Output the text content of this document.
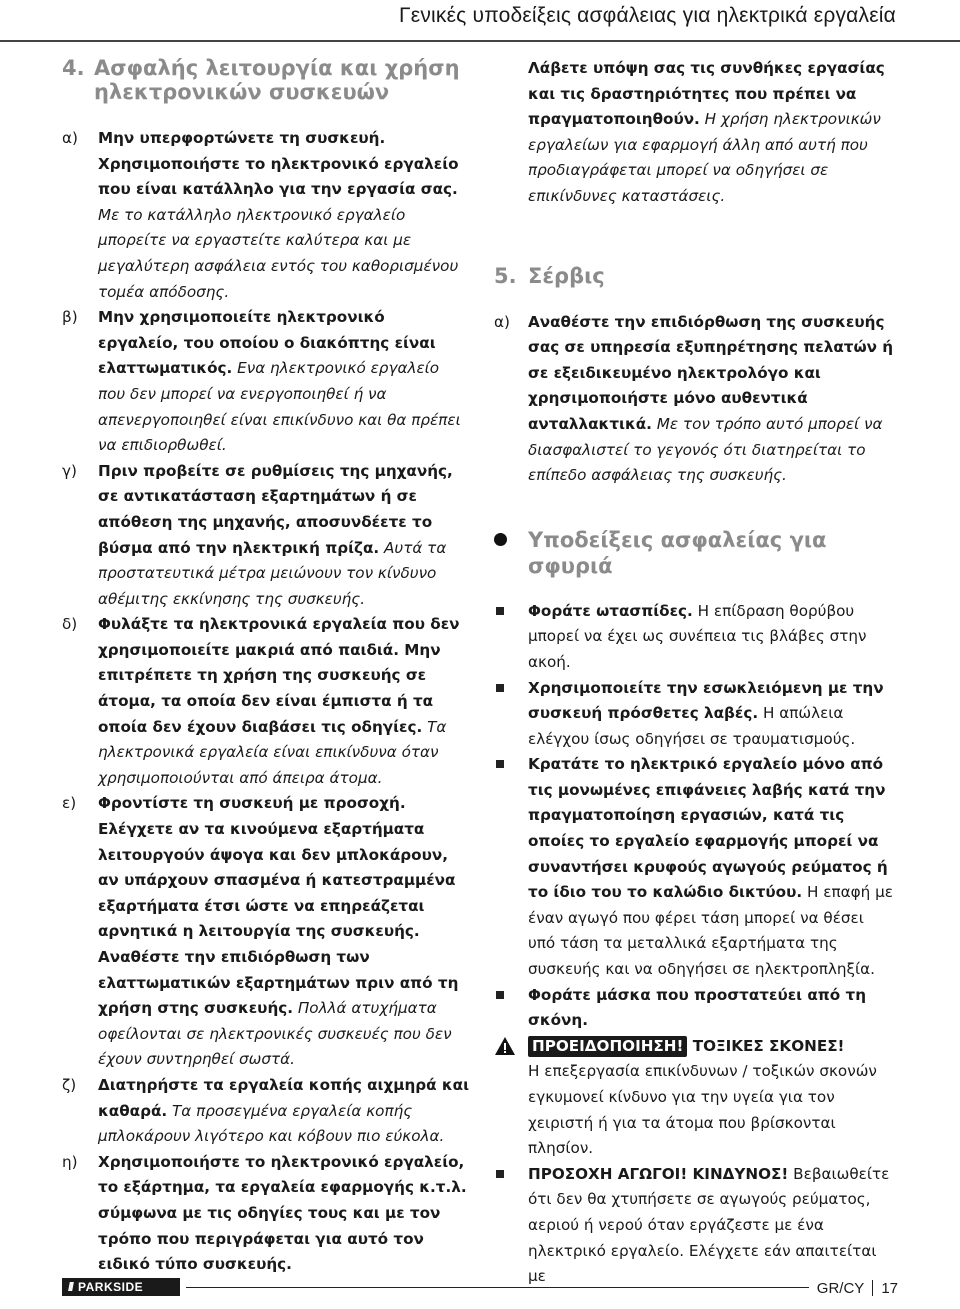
Γενικές υποδείξεις ασφάλειας για ηλεκτρικά εργαλεία
4. Ασφαλής λειτουργία και χρήση ηλεκτρονικών συσκευών
α) Μην υπερφορτώνετε τη συσκευή. Χρησιμοποιήστε το ηλεκτρονικό εργαλείο που είναι κατάλληλο για την εργασία σας. Με το κατάλληλο ηλεκτρονικό εργαλείο μπορείτε να εργαστείτε καλύτερα και με μεγαλύτερη ασφάλεια εντός του καθορισμένου τομέα απόδοσης.
β) Μην χρησιμοποιείτε ηλεκτρονικό εργαλείο, του οποίου ο διακόπτης είναι ελαττωματικός. Ενα ηλεκτρονικό εργαλείο που δεν μπορεί να ενεργοποιηθεί ή να απενεργοποιηθεί είναι επικίνδυνο και θα πρέπει να επιδιορθωθεί.
γ) Πριν προβείτε σε ρυθμίσεις της μηχανής, σε αντικατάσταση εξαρτημάτων ή σε απόθεση της μηχανής, αποσυνδέετε το βύσμα από την ηλεκτρική πρίζα. Αυτά τα προστατευτικά μέτρα μειώνουν τον κίνδυνο αθέμιτης εκκίνησης της συσκευής.
δ) Φυλάξτε τα ηλεκτρονικά εργαλεία που δεν χρησιμοποιείτε μακριά από παιδιά. Μην επιτρέπετε τη χρήση της συσκευής σε άτομα, τα οποία δεν είναι έμπιστα ή τα οποία δεν έχουν διαβάσει τις οδηγίες. Τα ηλεκτρονικά εργαλεία είναι επικίνδυνα όταν χρησιμοποιούνται από άπειρα άτομα.
ε) Φροντίστε τη συσκευή με προσοχή. Ελέγχετε αν τα κινούμενα εξαρτήματα λειτουργούν άψογα και δεν μπλοκάρουν, αν υπάρχουν σπασμένα ή κατεστραμμένα εξαρτήματα έτσι ώστε να επηρεάζεται αρνητικά η λειτουργία της συσκευής. Αναθέστε την επιδιόρθωση των ελαττωματικών εξαρτημάτων πριν από τη χρήση στης συσκευής. Πολλά ατυχήματα οφείλονται σε ηλεκτρονικές συσκευές που δεν έχουν συντηρηθεί σωστά.
ζ) Διατηρήστε τα εργαλεία κοπής αιχμηρά και καθαρά. Τα προσεγμένα εργαλεία κοπής μπλοκάρουν λιγότερο και κόβουν πιο εύκολα.
η) Χρησιμοποιήστε το ηλεκτρονικό εργαλείο, το εξάρτημα, τα εργαλεία εφαρμογής κ.τ.λ. σύμφωνα με τις οδηγίες τους και με τον τρόπο που περιγράφεται για αυτό τον ειδικό τύπο συσκευής.
Λάβετε υπόψη σας τις συνθήκες εργασίας και τις δραστηριότητες που πρέπει να πραγματοποιηθούν. Η χρήση ηλεκτρονικών εργαλείων για εφαρμογή άλλη από αυτή που προδιαγράφεται μπορεί να οδηγήσει σε επικίνδυνες καταστάσεις.
5. Σέρβις
α) Αναθέστε την επιδιόρθωση της συσκευής σας σε υπηρεσία εξυπηρέτησης πελατών ή σε εξειδικευμένο ηλεκτρολόγο και χρησιμοποιήστε μόνο αυθεντικά ανταλλακτικά. Με τον τρόπο αυτό μπορεί να διασφαλιστεί το γεγονός ότι διατηρείται το επίπεδο ασφάλειας της συσκευής.
Υποδείξεις ασφαλείας για σφυριά
Φοράτε ωτασπίδες. Η επίδραση θορύβου μπορεί να έχει ως συνέπεια τις βλάβες στην ακοή.
Χρησιμοποιείτε την εσωκλειόμενη με την συσκευή πρόσθετες λαβές. Η απώλεια ελέγχου ίσως οδηγήσει σε τραυματισμούς.
Κρατάτε το ηλεκτρικό εργαλείο μόνο από τις μονωμένες επιφάνειες λαβής κατά την πραγματοποίηση εργασιών, κατά τις οποίες το εργαλείο εφαρμογής μπορεί να συναντήσει κρυφούς αγωγούς ρεύματος ή το ίδιο του το καλώδιο δικτύου. Η επαφή με έναν αγωγό που φέρει τάση μπορεί να θέσει υπό τάση τα μεταλλικά εξαρτήματα της συσκευής και να οδηγήσει σε ηλεκτροπληξία.
Φοράτε μάσκα που προστατεύει από τη σκόνη.
ΠΡΟΕΙΔΟΠΟΙΗΣΗ! ΤΟΞΙΚΕΣ ΣΚΟΝΕΣ!
Η επεξεργασία επικίνδυνων / τοξικών σκονών εγκυμονεί κίνδυνο για την υγεία για τον χειριστή ή για τα άτομα που βρίσκονται πλησίον.
ΠΡΟΣΟΧΗ ΑΓΩΓΟΙ! ΚΙΝΔΥΝΟΣ! Βεβαιωθείτε ότι δεν θα χτυπήσετε σε αγωγούς ρεύματος, αεριού ή νερού όταν εργάζεστε με ένα ηλεκτρικό εργαλείο. Ελέγχετε εάν απαιτείται με
///PARKSIDE	GR/CY 17
